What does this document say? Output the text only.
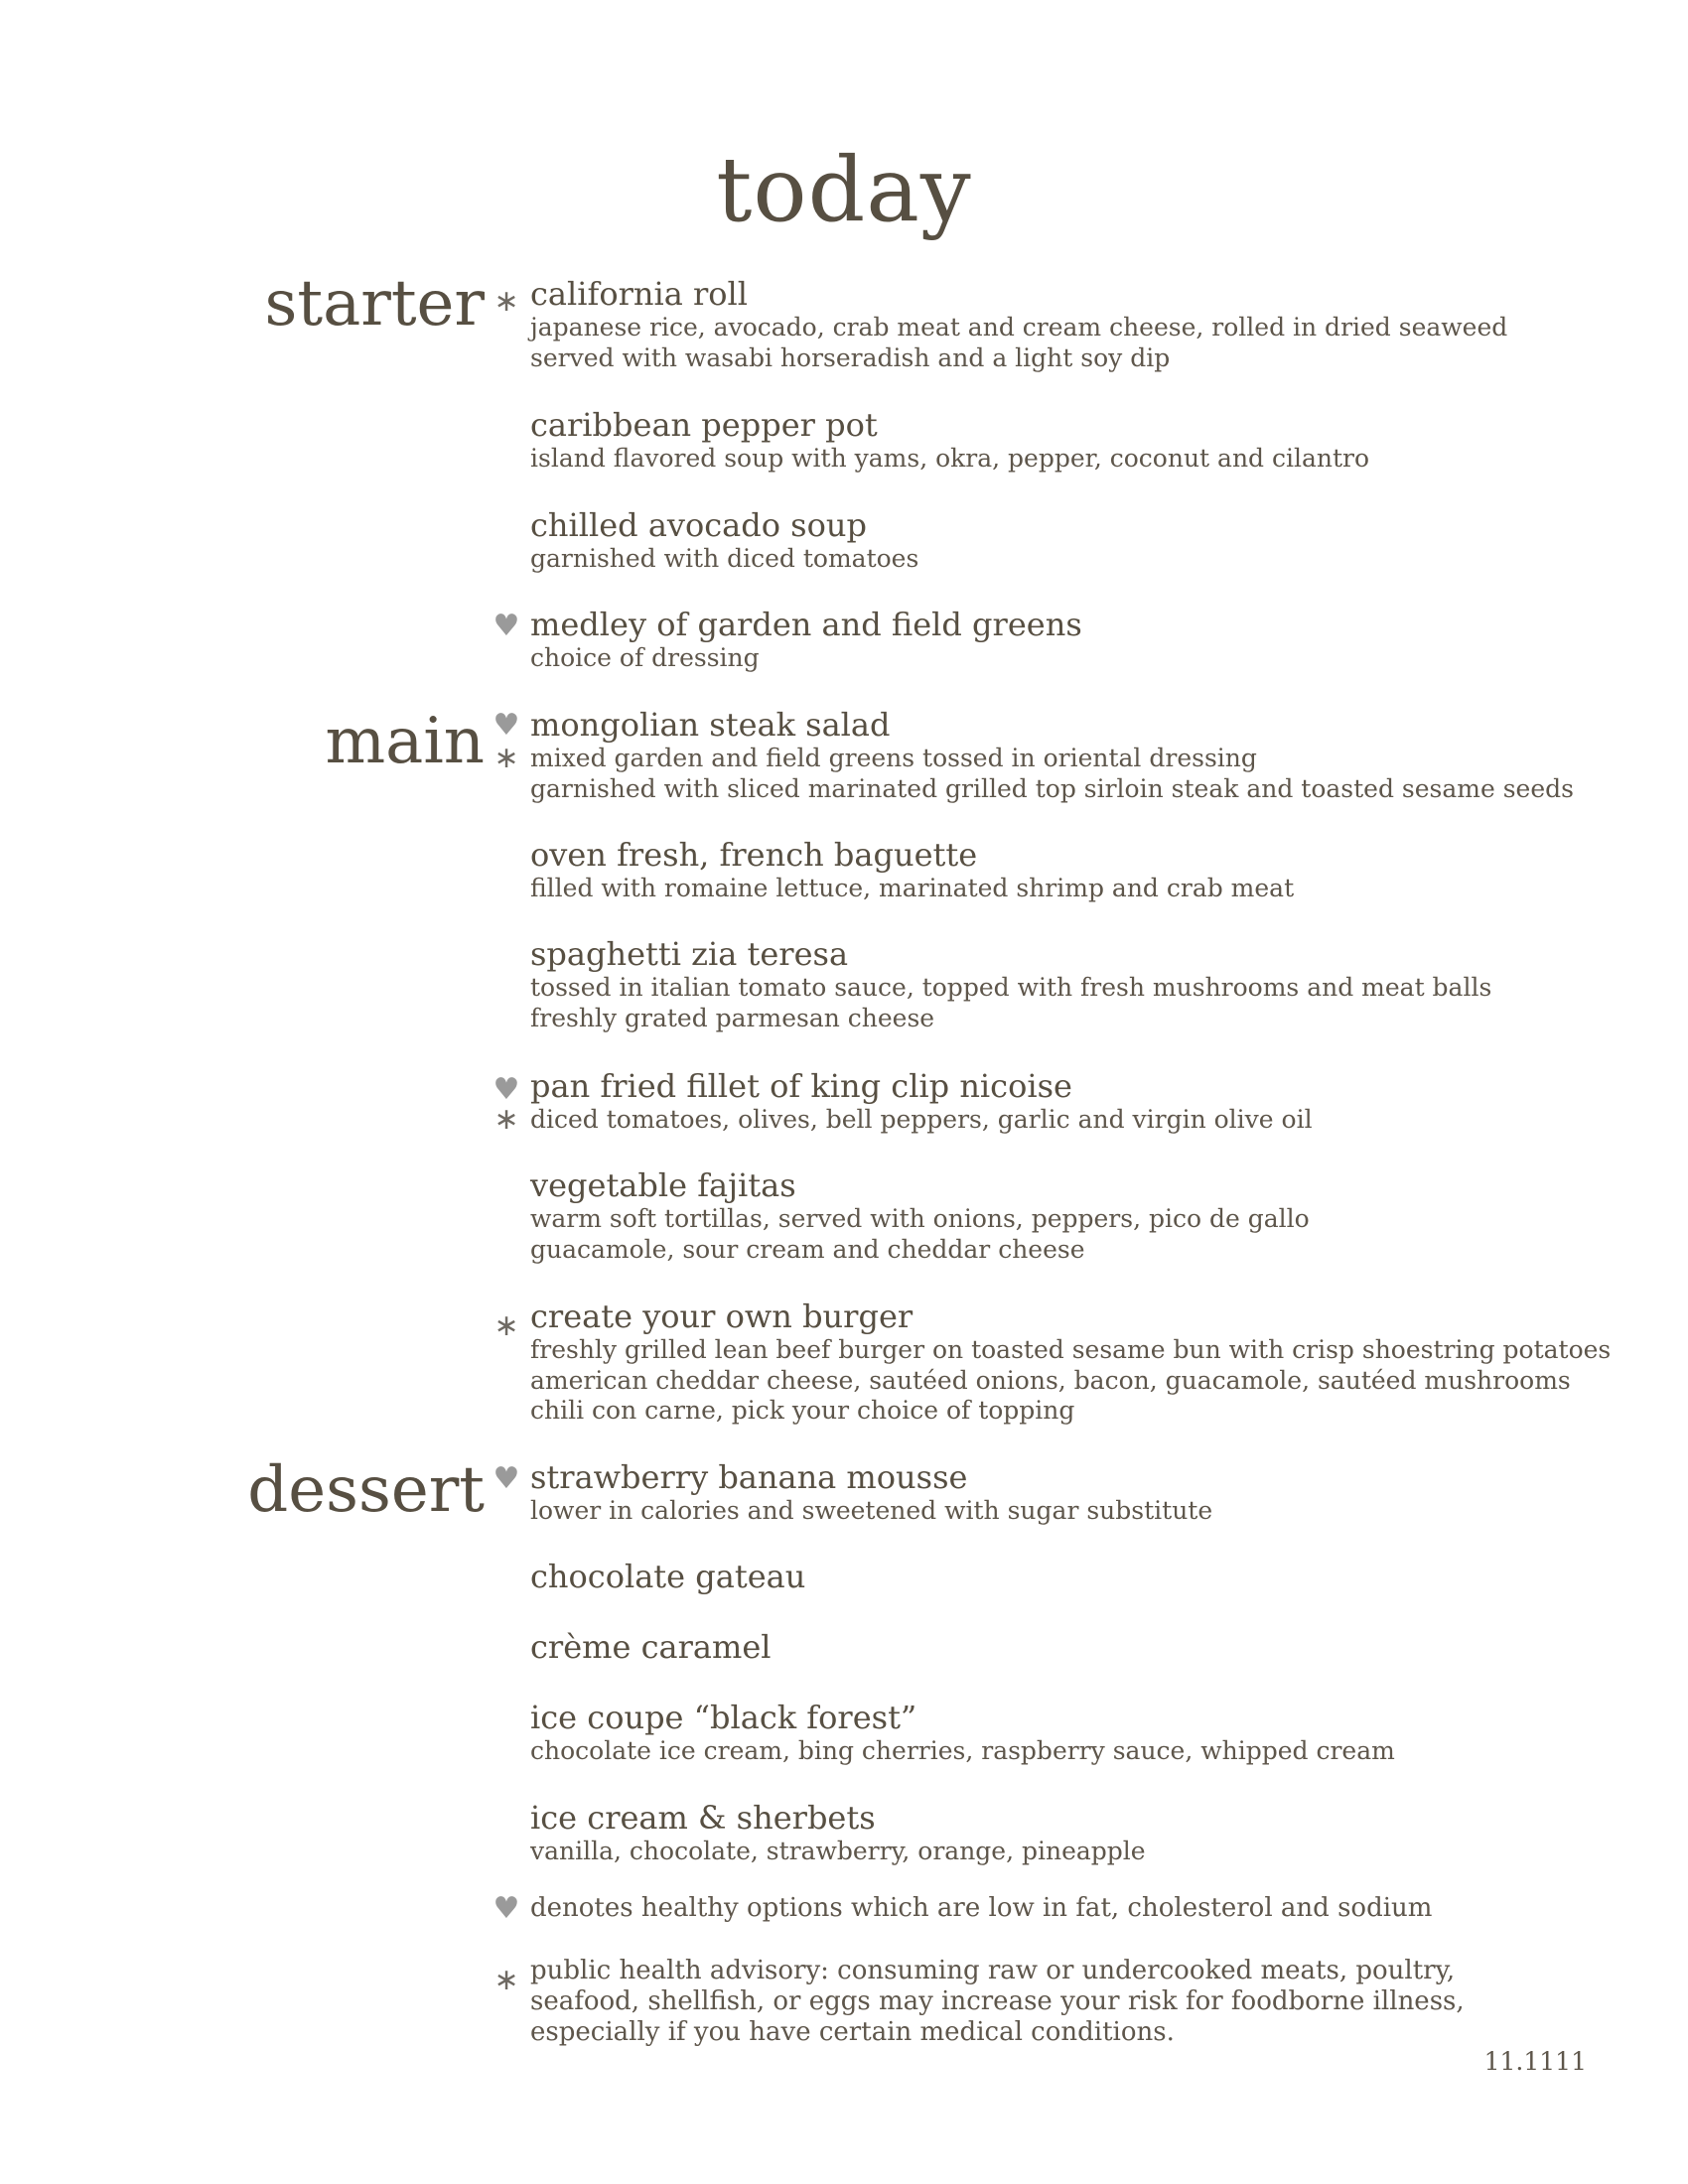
today
starter
main
dessert
∗ california roll
japanese rice, avocado, crab meat and cream cheese, rolled in dried seaweed
served with wasabi horseradish and a light soy dip
caribbean pepper pot
island flavored soup with yams, okra, pepper, coconut and cilantro
chilled avocado soup
garnished with diced tomatoes
♥ medley of garden and field greens
choice of dressing
♥
∗
mongolian steak salad
mixed garden and field greens tossed in oriental dressing
garnished with sliced marinated grilled top sirloin steak and toasted sesame seeds
oven fresh, french baguette
filled with romaine lettuce, marinated shrimp and crab meat
spaghetti zia teresa
tossed in italian tomato sauce, topped with fresh mushrooms and meat balls
freshly grated parmesan cheese
♥
∗
pan fried fillet of king clip nicoise
diced tomatoes, olives, bell peppers, garlic and virgin olive oil
vegetable fajitas
warm soft tortillas, served with onions, peppers, pico de gallo
guacamole, sour cream and cheddar cheese
∗ create your own burger
freshly grilled lean beef burger on toasted sesame bun with crisp shoestring potatoes
american cheddar cheese, sautéed onions, bacon, guacamole, sautéed mushrooms
chili con carne, pick your choice of topping
♥ strawberry banana mousse
lower in calories and sweetened with sugar substitute
chocolate gateau
crème caramel
ice coupe “black forest”
chocolate ice cream, bing cherries, raspberry sauce, whipped cream
ice cream & sherbets
vanilla, chocolate, strawberry, orange, pineapple
♥ denotes healthy options which are low in fat, cholesterol and sodium
∗ public health advisory: consuming raw or undercooked meats, poultry,
seafood, shellfish, or eggs may increase your risk for foodborne illness,
especially if you have certain medical conditions.
11.1111
